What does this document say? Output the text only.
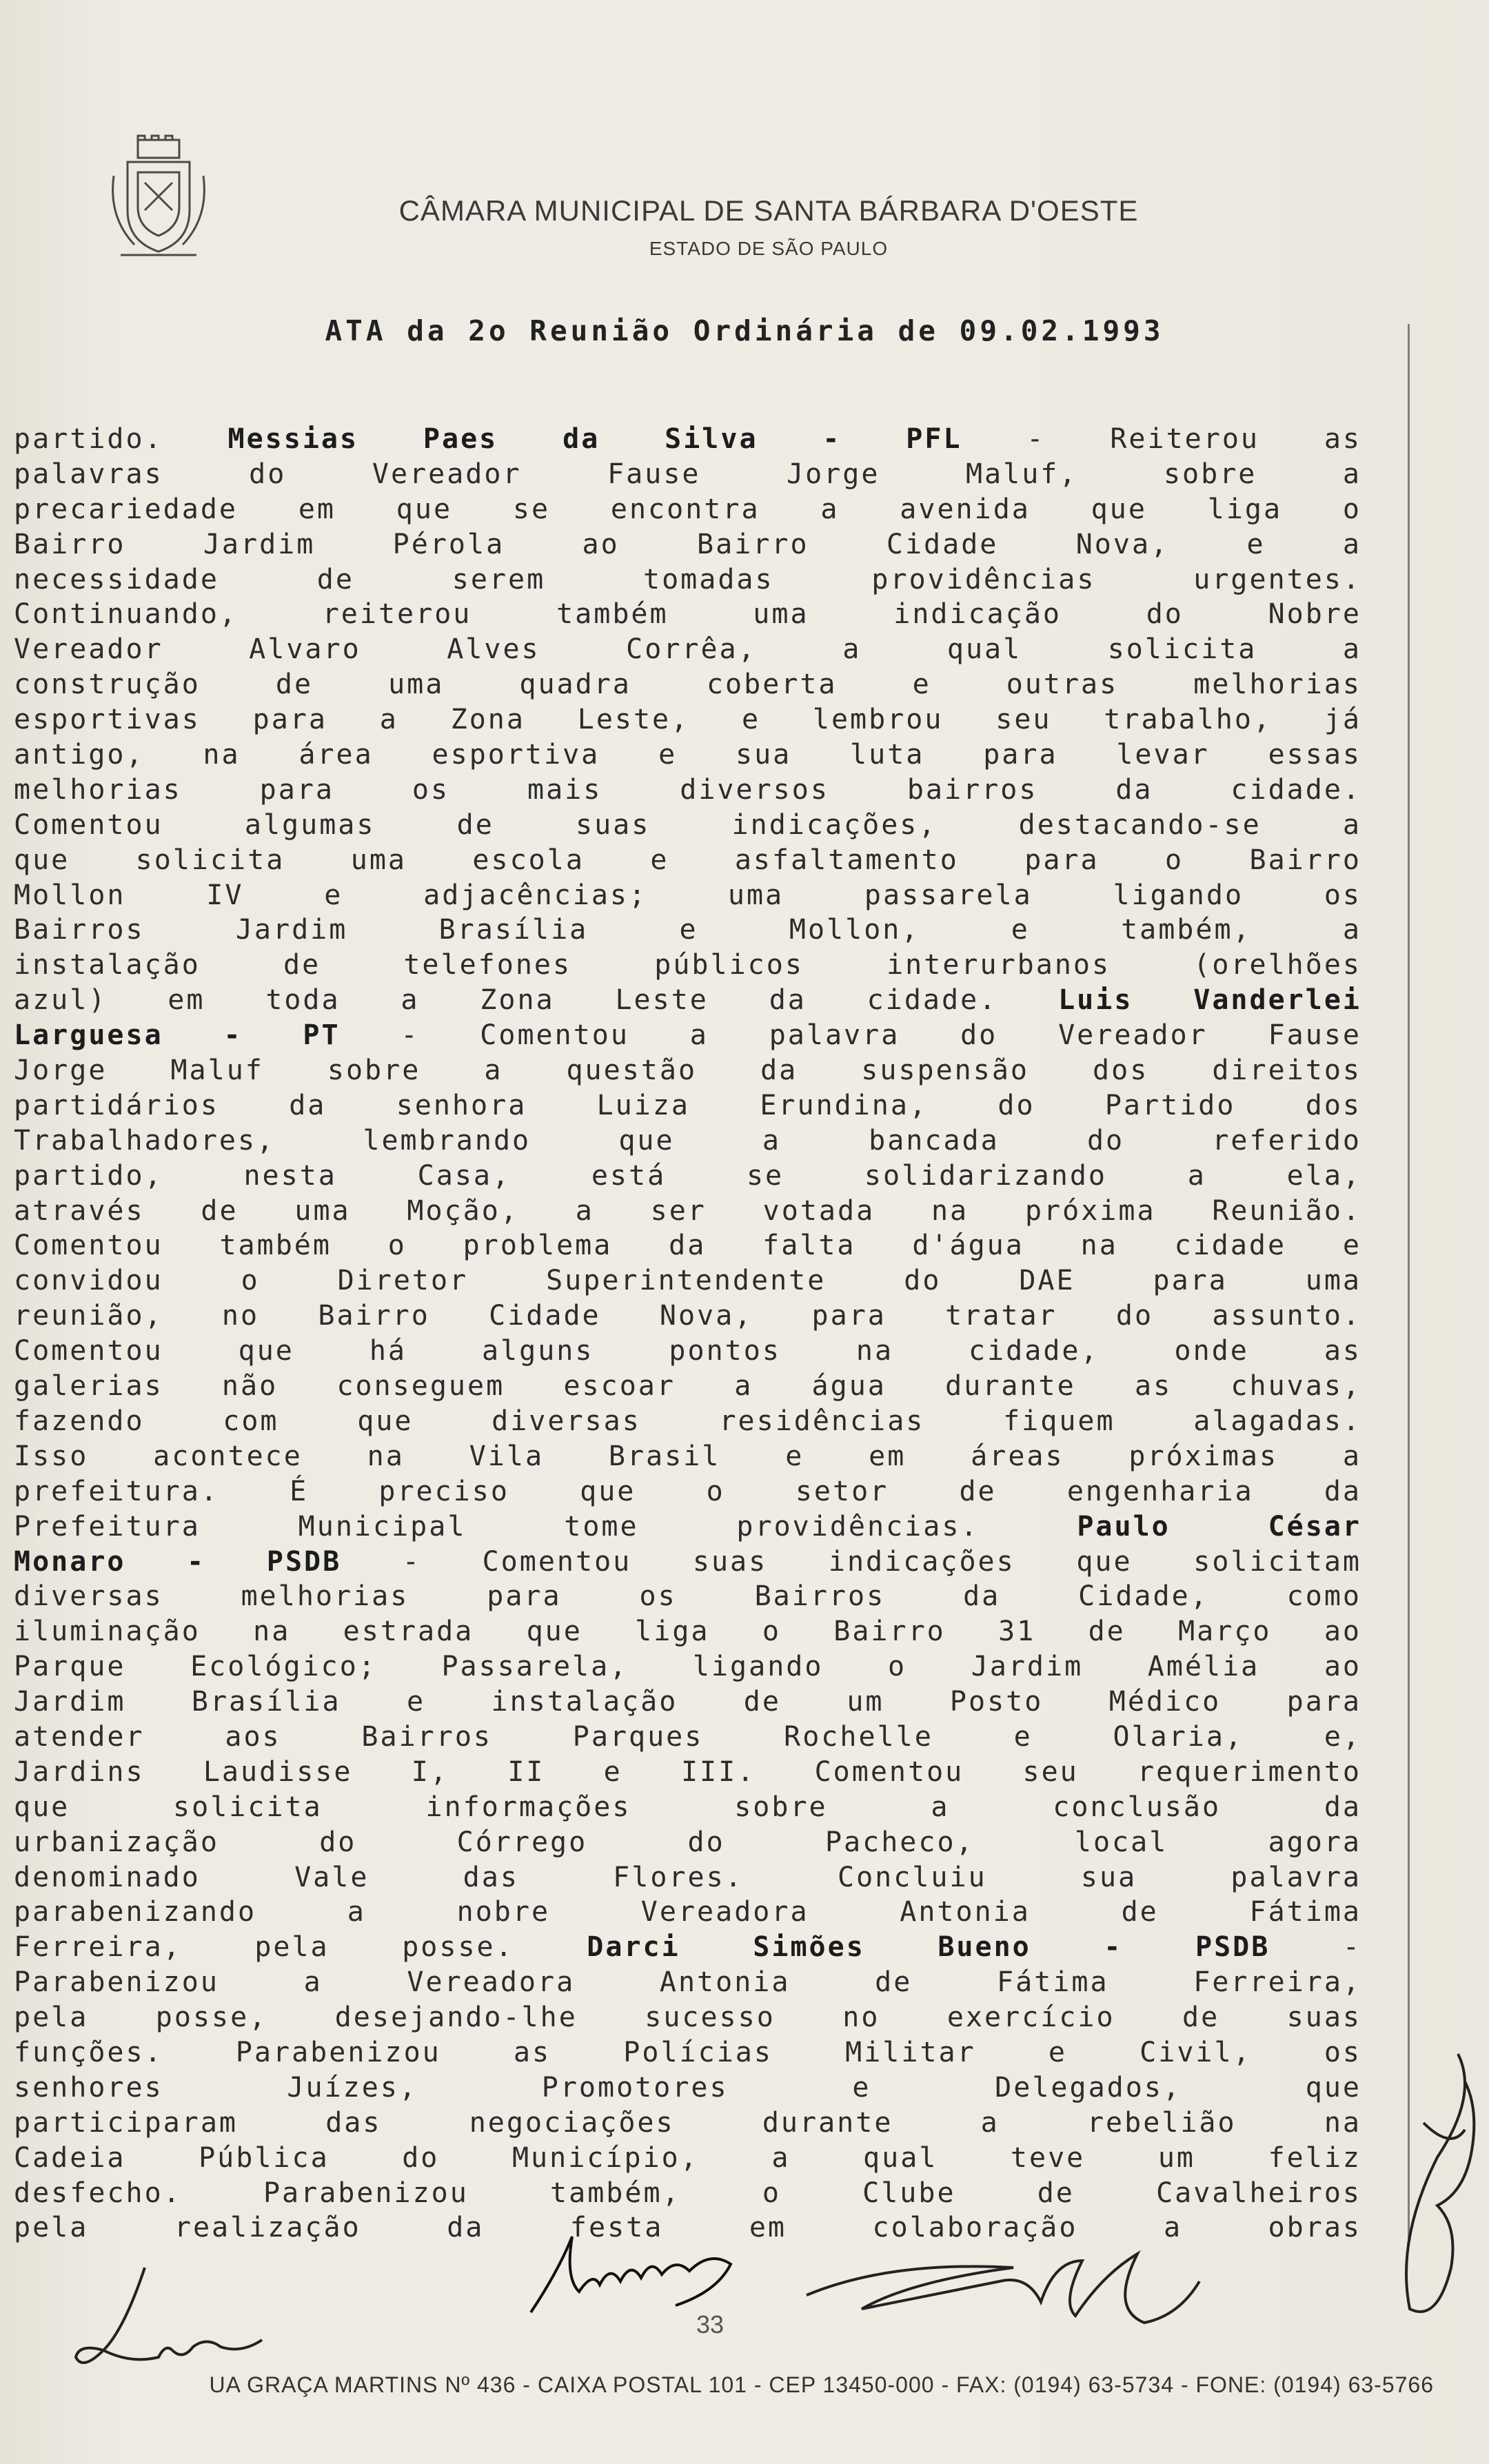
CÂMARA MUNICIPAL DE SANTA BÁRBARA D'OESTE
ESTADO DE SÃO PAULO
ATA da 2o Reunião Ordinária de 09.02.1993
partido. Messias Paes da Silva - PFL - Reiterou as
palavras do Vereador Fause Jorge Maluf, sobre a
precariedade em que se encontra a avenida que liga o
Bairro Jardim Pérola ao Bairro Cidade Nova, e a
necessidade de serem tomadas providências urgentes.
Continuando, reiterou também uma indicação do Nobre
Vereador Alvaro Alves Corrêa, a qual solicita a
construção de uma quadra coberta e outras melhorias
esportivas para a Zona Leste, e lembrou seu trabalho, já
antigo, na área esportiva e sua luta para levar essas
melhorias para os mais diversos bairros da cidade.
Comentou algumas de suas indicações, destacando-se a
que solicita uma escola e asfaltamento para o Bairro
Mollon IV e adjacências; uma passarela ligando os
Bairros Jardim Brasília e Mollon, e também, a
instalação de telefones públicos interurbanos (orelhões
azul) em toda a Zona Leste da cidade. Luis Vanderlei
Larguesa - PT - Comentou a palavra do Vereador Fause
Jorge Maluf sobre a questão da suspensão dos direitos
partidários da senhora Luiza Erundina, do Partido dos
Trabalhadores, lembrando que a bancada do referido
partido, nesta Casa, está se solidarizando a ela,
através de uma Moção, a ser votada na próxima Reunião.
Comentou também o problema da falta d'água na cidade e
convidou o Diretor Superintendente do DAE para uma
reunião, no Bairro Cidade Nova, para tratar do assunto.
Comentou que há alguns pontos na cidade, onde as
galerias não conseguem escoar a água durante as chuvas,
fazendo com que diversas residências fiquem alagadas.
Isso acontece na Vila Brasil e em áreas próximas a
prefeitura. É preciso que o setor de engenharia da
Prefeitura Municipal tome providências. Paulo César
Monaro - PSDB - Comentou suas indicações que solicitam
diversas melhorias para os Bairros da Cidade, como
iluminação na estrada que liga o Bairro 31 de Março ao
Parque Ecológico; Passarela, ligando o Jardim Amélia ao
Jardim Brasília e instalação de um Posto Médico para
atender aos Bairros Parques Rochelle e Olaria, e,
Jardins Laudisse I, II e III. Comentou seu requerimento
que solicita informações sobre a conclusão da
urbanização do Córrego do Pacheco, local agora
denominado Vale das Flores. Concluiu sua palavra
parabenizando a nobre Vereadora Antonia de Fátima
Ferreira, pela posse. Darci Simões Bueno - PSDB -
Parabenizou a Vereadora Antonia de Fátima Ferreira,
pela posse, desejando-lhe sucesso no exercício de suas
funções. Parabenizou as Polícias Militar e Civil, os
senhores Juízes, Promotores e Delegados, que
participaram das negociações durante a rebelião na
Cadeia Pública do Município, a qual teve um feliz
desfecho. Parabenizou também, o Clube de Cavalheiros
pela realização da festa em colaboração a obras
33
UA GRAÇA MARTINS Nº 436 - CAIXA POSTAL 101 - CEP 13450-000 - FAX: (0194) 63-5734 - FONE: (0194) 63-5766
